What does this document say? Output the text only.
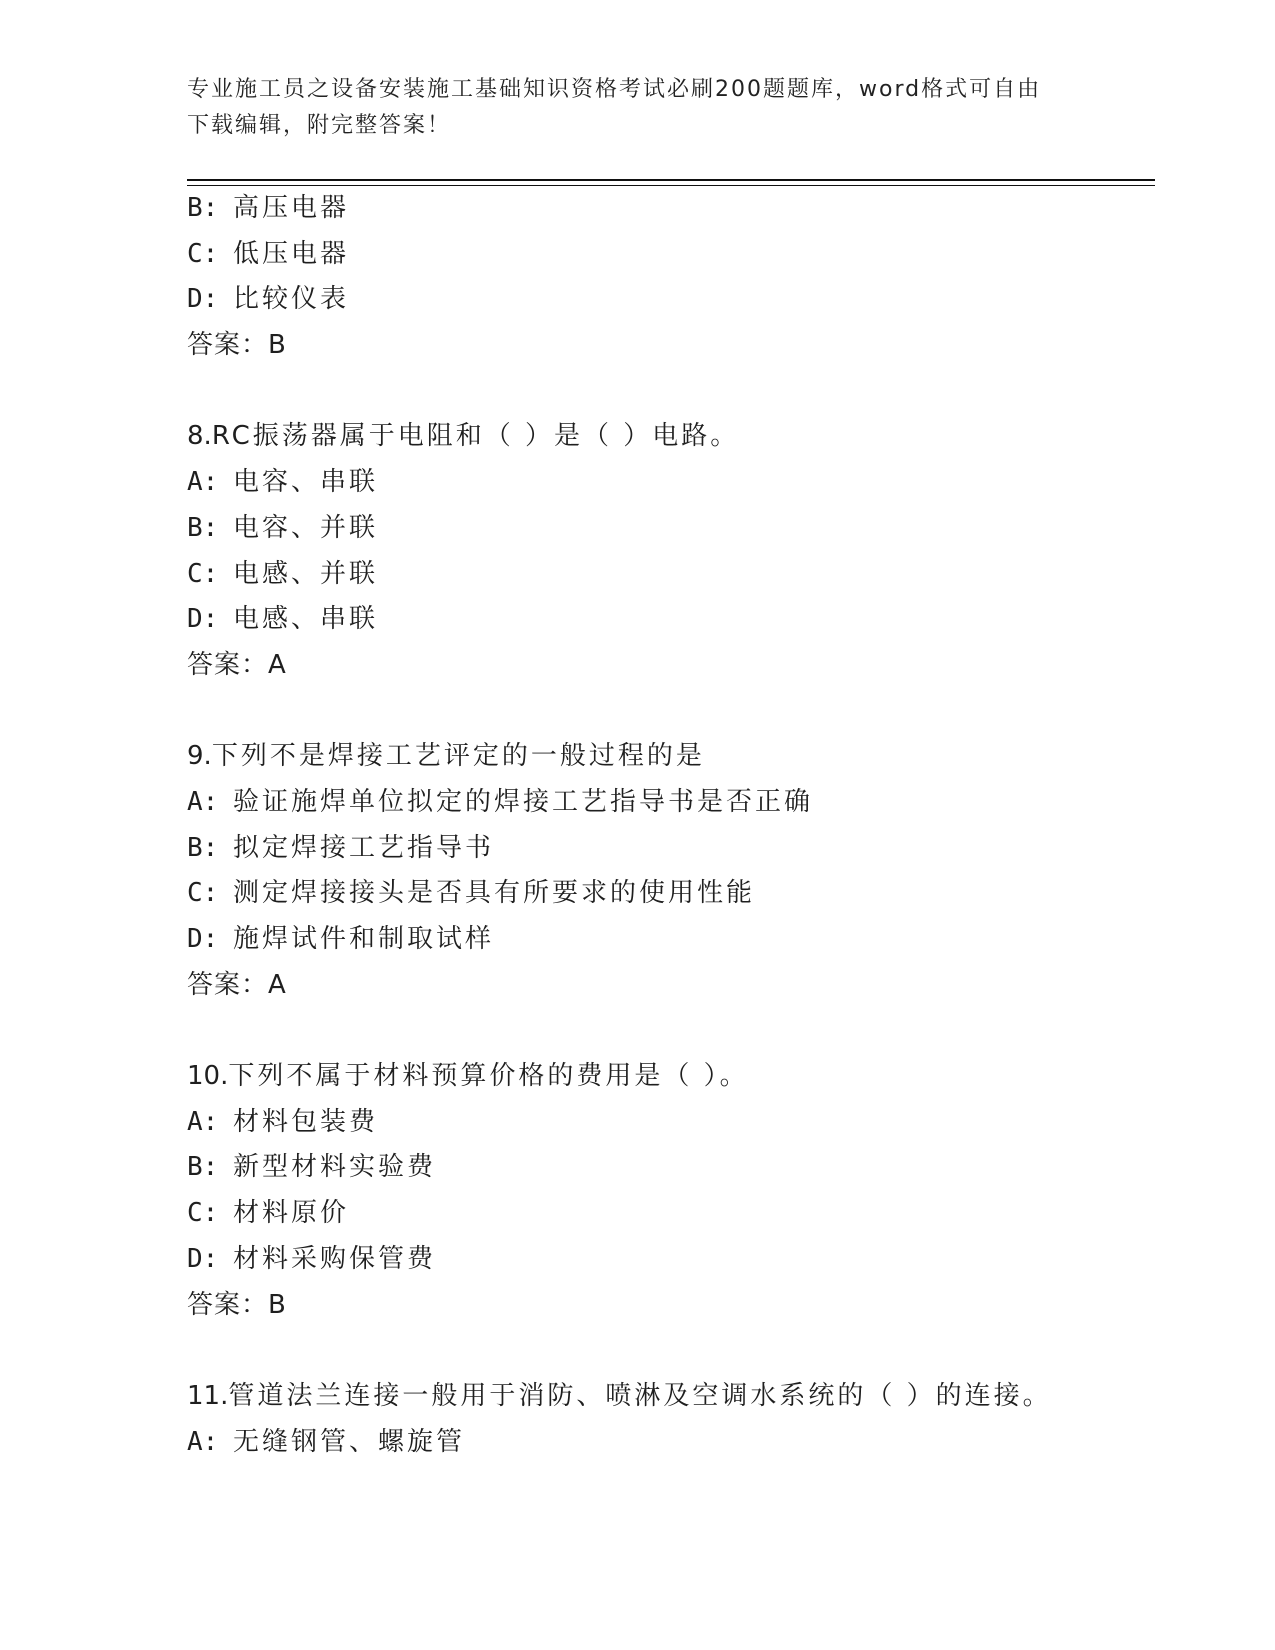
专业施工员之设备安装施工基础知识资格考试必刷200题题库，word格式可自由
下载编辑，附完整答案！
B: 高压电器
C: 低压电器
D: 比较仪表
答案：B
8.RC振荡器属于电阻和（ ）是（ ）电路。
A: 电容、串联
B: 电容、并联
C: 电感、并联
D: 电感、串联
答案：A
9.下列不是焊接工艺评定的一般过程的是
A: 验证施焊单位拟定的焊接工艺指导书是否正确
B: 拟定焊接工艺指导书
C: 测定焊接接头是否具有所要求的使用性能
D: 施焊试件和制取试样
答案：A
10.下列不属于材料预算价格的费用是（ ）。
A: 材料包装费
B: 新型材料实验费
C: 材料原价
D: 材料采购保管费
答案：B
11.管道法兰连接一般用于消防、喷淋及空调水系统的（ ）的连接。
A: 无缝钢管、螺旋管
